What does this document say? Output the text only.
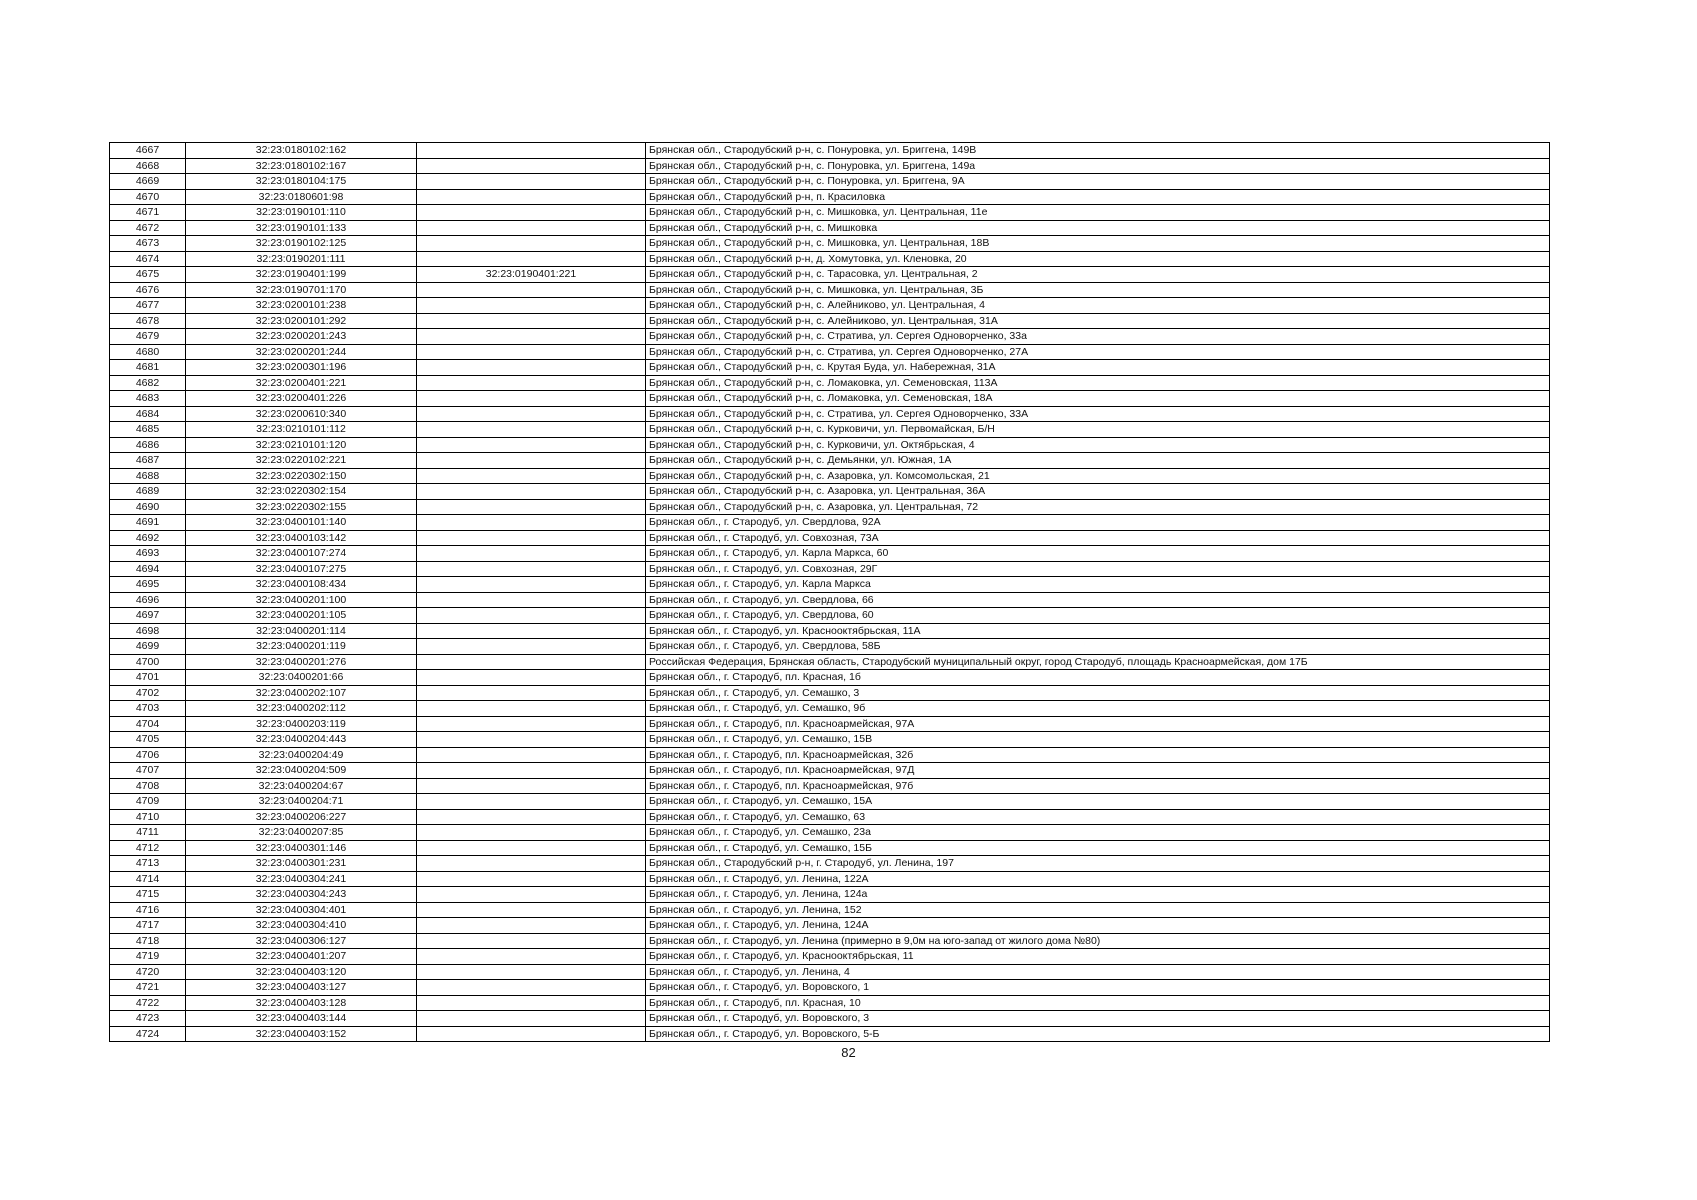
4667	32:23:0180102:162		Брянская обл., Стародубский р-н, с. Понуровка, ул. Бриггена, 149В
4668	32:23:0180102:167		Брянская обл., Стародубский р-н, с. Понуровка, ул. Бриггена, 149а
4669	32:23:0180104:175		Брянская обл., Стародубский р-н, с. Понуровка, ул. Бриггена, 9А
4670	32:23:0180601:98		Брянская обл., Стародубский р-н, п. Красиловка
4671	32:23:0190101:110		Брянская обл., Стародубский р-н, с. Мишковка, ул. Центральная, 11е
4672	32:23:0190101:133		Брянская обл., Стародубский р-н, с. Мишковка
4673	32:23:0190102:125		Брянская обл., Стародубский р-н, с. Мишковка, ул. Центральная, 18В
4674	32:23:0190201:111		Брянская обл., Стародубский р-н, д. Хомутовка, ул. Кленовка, 20
4675	32:23:0190401:199	32:23:0190401:221	Брянская обл., Стародубский р-н, с. Тарасовка, ул. Центральная, 2
4676	32:23:0190701:170		Брянская обл., Стародубский р-н, с. Мишковка, ул. Центральная, 3Б
4677	32:23:0200101:238		Брянская обл., Стародубский р-н, с. Алейниково, ул. Центральная, 4
4678	32:23:0200101:292		Брянская обл., Стародубский р-н, с. Алейниково, ул. Центральная, 31А
4679	32:23:0200201:243		Брянская обл., Стародубский р-н, с. Стратива, ул. Сергея Одноворченко, 33а
4680	32:23:0200201:244		Брянская обл., Стародубский р-н, с. Стратива, ул. Сергея Одноворченко, 27А
4681	32:23:0200301:196		Брянская обл., Стародубский р-н, с. Крутая Буда, ул. Набережная, 31А
4682	32:23:0200401:221		Брянская обл., Стародубский р-н, с. Ломаковка, ул. Семеновская, 113А
4683	32:23:0200401:226		Брянская обл., Стародубский р-н, с. Ломаковка, ул. Семеновская, 18А
4684	32:23:0200610:340		Брянская обл., Стародубский р-н, с. Стратива, ул. Сергея Одноворченко, 33А
4685	32:23:0210101:112		Брянская обл., Стародубский р-н, с. Курковичи, ул. Первомайская, Б/Н
4686	32:23:0210101:120		Брянская обл., Стародубский р-н, с. Курковичи, ул. Октябрьская, 4
4687	32:23:0220102:221		Брянская обл., Стародубский р-н, с. Демьянки, ул. Южная, 1А
4688	32:23:0220302:150		Брянская обл., Стародубский р-н, с. Азаровка, ул. Комсомольская, 21
4689	32:23:0220302:154		Брянская обл., Стародубский р-н, с. Азаровка, ул. Центральная, 36А
4690	32:23:0220302:155		Брянская обл., Стародубский р-н, с. Азаровка, ул. Центральная, 72
4691	32:23:0400101:140		Брянская обл., г. Стародуб, ул. Свердлова, 92А
4692	32:23:0400103:142		Брянская обл., г. Стародуб, ул. Совхозная, 73А
4693	32:23:0400107:274		Брянская обл., г. Стародуб, ул. Карла Маркса, 60
4694	32:23:0400107:275		Брянская обл., г. Стародуб, ул. Совхозная, 29Г
4695	32:23:0400108:434		Брянская обл., г. Стародуб, ул. Карла Маркса
4696	32:23:0400201:100		Брянская обл., г. Стародуб, ул. Свердлова, 66
4697	32:23:0400201:105		Брянская обл., г. Стародуб, ул. Свердлова, 60
4698	32:23:0400201:114		Брянская обл., г. Стародуб, ул. Краснооктябрьская, 11А
4699	32:23:0400201:119		Брянская обл., г. Стародуб, ул. Свердлова, 58Б
4700	32:23:0400201:276		Российская Федерация, Брянская область, Стародубский муниципальный округ, город Стародуб, площадь Красноармейская, дом 17Б
4701	32:23:0400201:66		Брянская обл., г. Стародуб, пл. Красная, 1б
4702	32:23:0400202:107		Брянская обл., г. Стародуб, ул. Семашко, 3
4703	32:23:0400202:112		Брянская обл., г. Стародуб, ул. Семашко, 9б
4704	32:23:0400203:119		Брянская обл., г. Стародуб, пл. Красноармейская, 97А
4705	32:23:0400204:443		Брянская обл., г. Стародуб, ул. Семашко, 15В
4706	32:23:0400204:49		Брянская обл., г. Стародуб, пл. Красноармейская, 32б
4707	32:23:0400204:509		Брянская обл., г. Стародуб, пл. Красноармейская, 97Д
4708	32:23:0400204:67		Брянская обл., г. Стародуб, пл. Красноармейская, 97б
4709	32:23:0400204:71		Брянская обл., г. Стародуб, ул. Семашко, 15А
4710	32:23:0400206:227		Брянская обл., г. Стародуб, ул. Семашко, 63
4711	32:23:0400207:85		Брянская обл., г. Стародуб, ул. Семашко, 23а
4712	32:23:0400301:146		Брянская обл., г. Стародуб, ул. Семашко, 15Б
4713	32:23:0400301:231		Брянская обл., Стародубский р-н, г. Стародуб, ул. Ленина, 197
4714	32:23:0400304:241		Брянская обл., г. Стародуб, ул. Ленина, 122А
4715	32:23:0400304:243		Брянская обл., г. Стародуб, ул. Ленина, 124а
4716	32:23:0400304:401		Брянская обл., г. Стародуб, ул. Ленина, 152
4717	32:23:0400304:410		Брянская обл., г. Стародуб, ул. Ленина, 124А
4718	32:23:0400306:127		Брянская обл., г. Стародуб, ул. Ленина (примерно в 9,0м на юго-запад от жилого дома №80)
4719	32:23:0400401:207		Брянская обл., г. Стародуб, ул. Краснооктябрьская, 11
4720	32:23:0400403:120		Брянская обл., г. Стародуб, ул. Ленина, 4
4721	32:23:0400403:127		Брянская обл., г. Стародуб, ул. Воровского, 1
4722	32:23:0400403:128		Брянская обл., г. Стародуб, пл. Красная, 10
4723	32:23:0400403:144		Брянская обл., г. Стародуб, ул. Воровского, 3
4724	32:23:0400403:152		Брянская обл., г. Стародуб, ул. Воровского, 5-Б
82
